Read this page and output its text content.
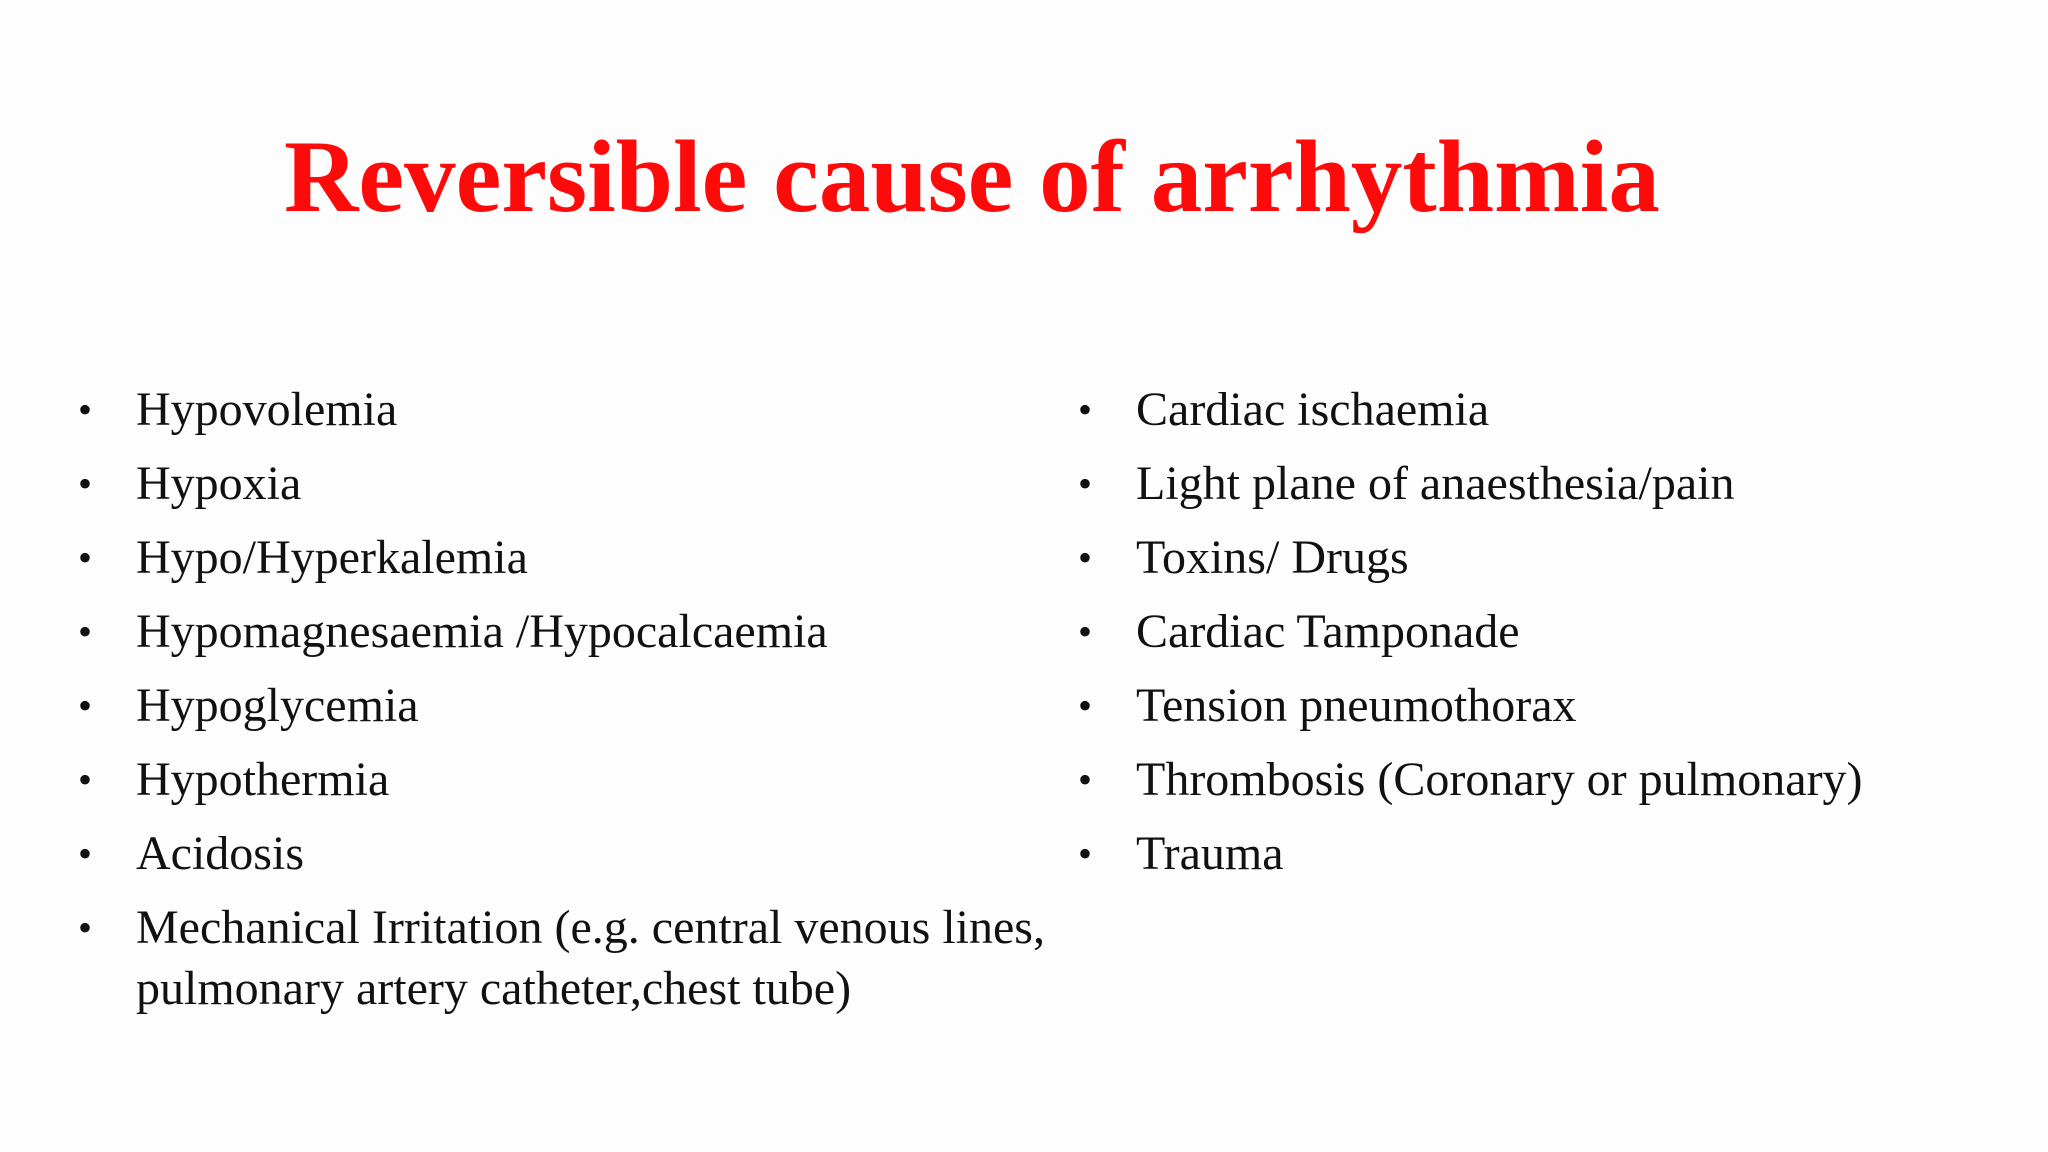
Reversible cause of arrhythmia
• Hypovolemia
• Hypoxia
• Hypo/Hyperkalemia
• Hypomagnesaemia /Hypocalcaemia
• Hypoglycemia
• Hypothermia
• Acidosis
• Mechanical Irritation (e.g. central venous lines, pulmonary artery catheter,chest tube)
• Cardiac ischaemia
• Light plane of anaesthesia/pain
• Toxins/ Drugs
• Cardiac Tamponade
• Tension pneumothorax
• Thrombosis (Coronary or pulmonary)
• Trauma
